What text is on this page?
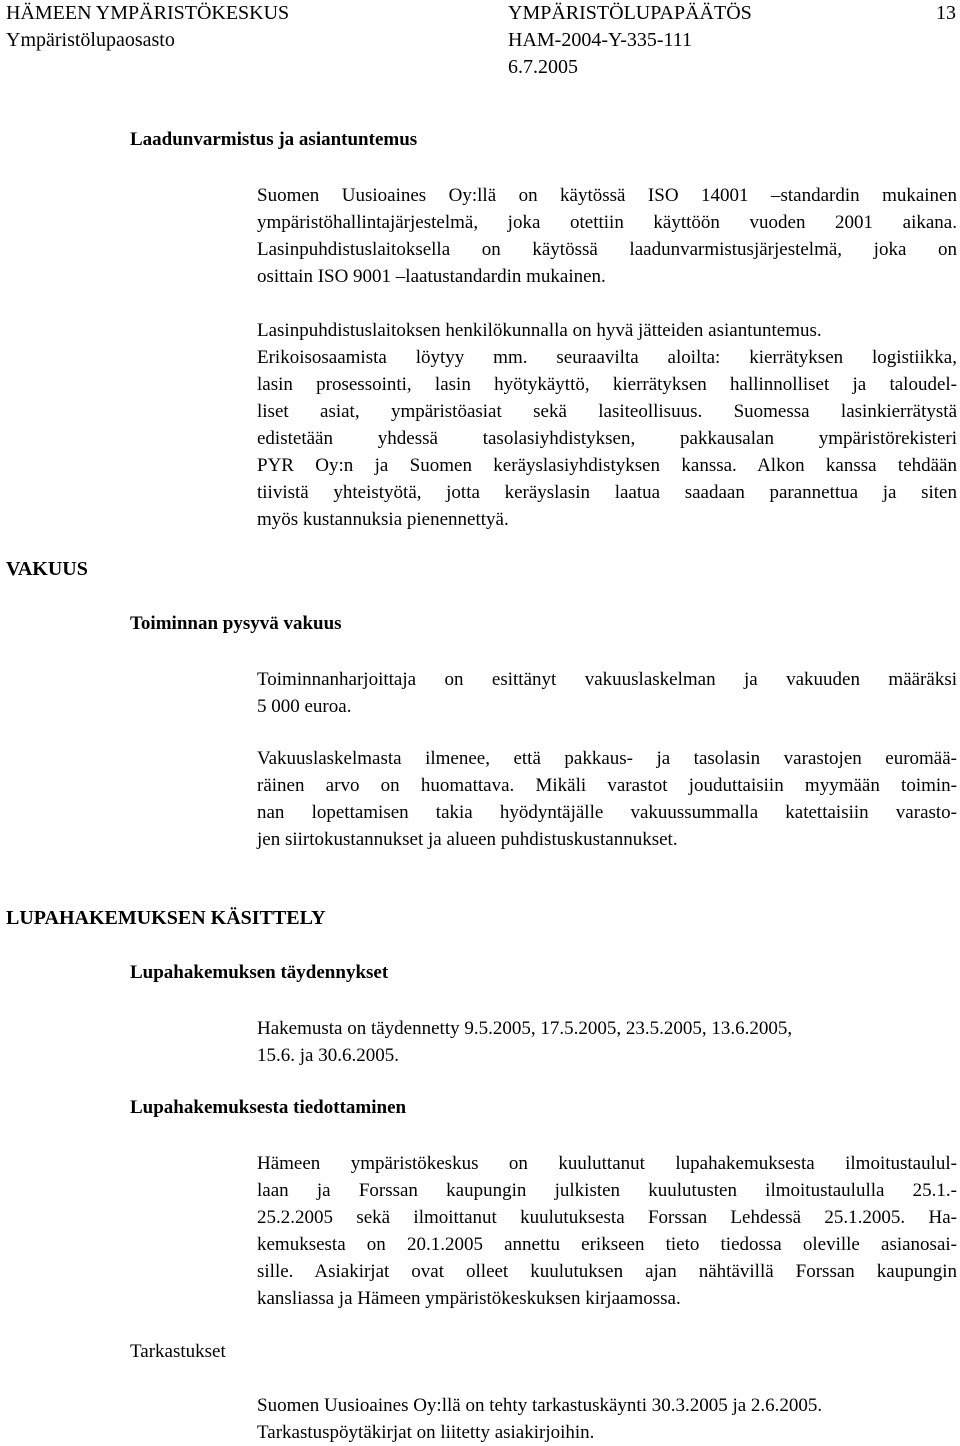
HÄMEEN YMPÄRISTÖKESKUS
Ympäristölupaosasto
YMPÄRISTÖLUPAPÄÄTÖS
HAM-2004-Y-335-111
6.7.2005
13
Laadunvarmistus ja asiantuntemus
Suomen Uusioaines Oy:llä on käytössä ISO 14001 –standardin mukainen
ympäristöhallintajärjestelmä, joka otettiin käyttöön vuoden 2001 aikana.
Lasinpuhdistuslaitoksella on käytössä laadunvarmistusjärjestelmä, joka on
osittain ISO 9001 –laatustandardin mukainen.
Lasinpuhdistuslaitoksen henkilökunnalla on hyvä jätteiden asiantuntemus.
Erikoisosaamista löytyy mm. seuraavilta aloilta: kierrätyksen logistiikka,
lasin prosessointi, lasin hyötykäyttö, kierrätyksen hallinnolliset ja taloudel-
liset asiat, ympäristöasiat sekä lasiteollisuus. Suomessa lasinkierrätystä
edistetään yhdessä tasolasiyhdistyksen, pakkausalan ympäristörekisteri
PYR Oy:n ja Suomen keräyslasiyhdistyksen kanssa. Alkon kanssa tehdään
tiivistä yhteistyötä, jotta keräyslasin laatua saadaan parannettua ja siten
myös kustannuksia pienennettyä.
VAKUUS
Toiminnan pysyvä vakuus
Toiminnanharjoittaja on esittänyt vakuuslaskelman ja vakuuden määräksi
5 000 euroa.
Vakuuslaskelmasta ilmenee, että pakkaus- ja tasolasin varastojen euromää-
räinen arvo on huomattava. Mikäli varastot jouduttaisiin myymään toimin-
nan lopettamisen takia hyödyntäjälle vakuussummalla katettaisiin varasto-
jen siirtokustannukset ja alueen puhdistuskustannukset.
LUPAHAKEMUKSEN KÄSITTELY
Lupahakemuksen täydennykset
Hakemusta on täydennetty 9.5.2005, 17.5.2005, 23.5.2005, 13.6.2005,
15.6. ja 30.6.2005.
Lupahakemuksesta tiedottaminen
Hämeen ympäristökeskus on kuuluttanut lupahakemuksesta ilmoitustaulul-
laan ja Forssan kaupungin julkisten kuulutusten ilmoitustaululla 25.1.-
25.2.2005 sekä ilmoittanut kuulutuksesta Forssan Lehdessä 25.1.2005. Ha-
kemuksesta on 20.1.2005 annettu erikseen tieto tiedossa oleville asianosai-
sille. Asiakirjat ovat olleet kuulutuksen ajan nähtävillä Forssan kaupungin
kansliassa ja Hämeen ympäristökeskuksen kirjaamossa.
Tarkastukset
Suomen Uusioaines Oy:llä on tehty tarkastuskäynti 30.3.2005 ja 2.6.2005.
Tarkastuspöytäkirjat on liitetty asiakirjoihin.
